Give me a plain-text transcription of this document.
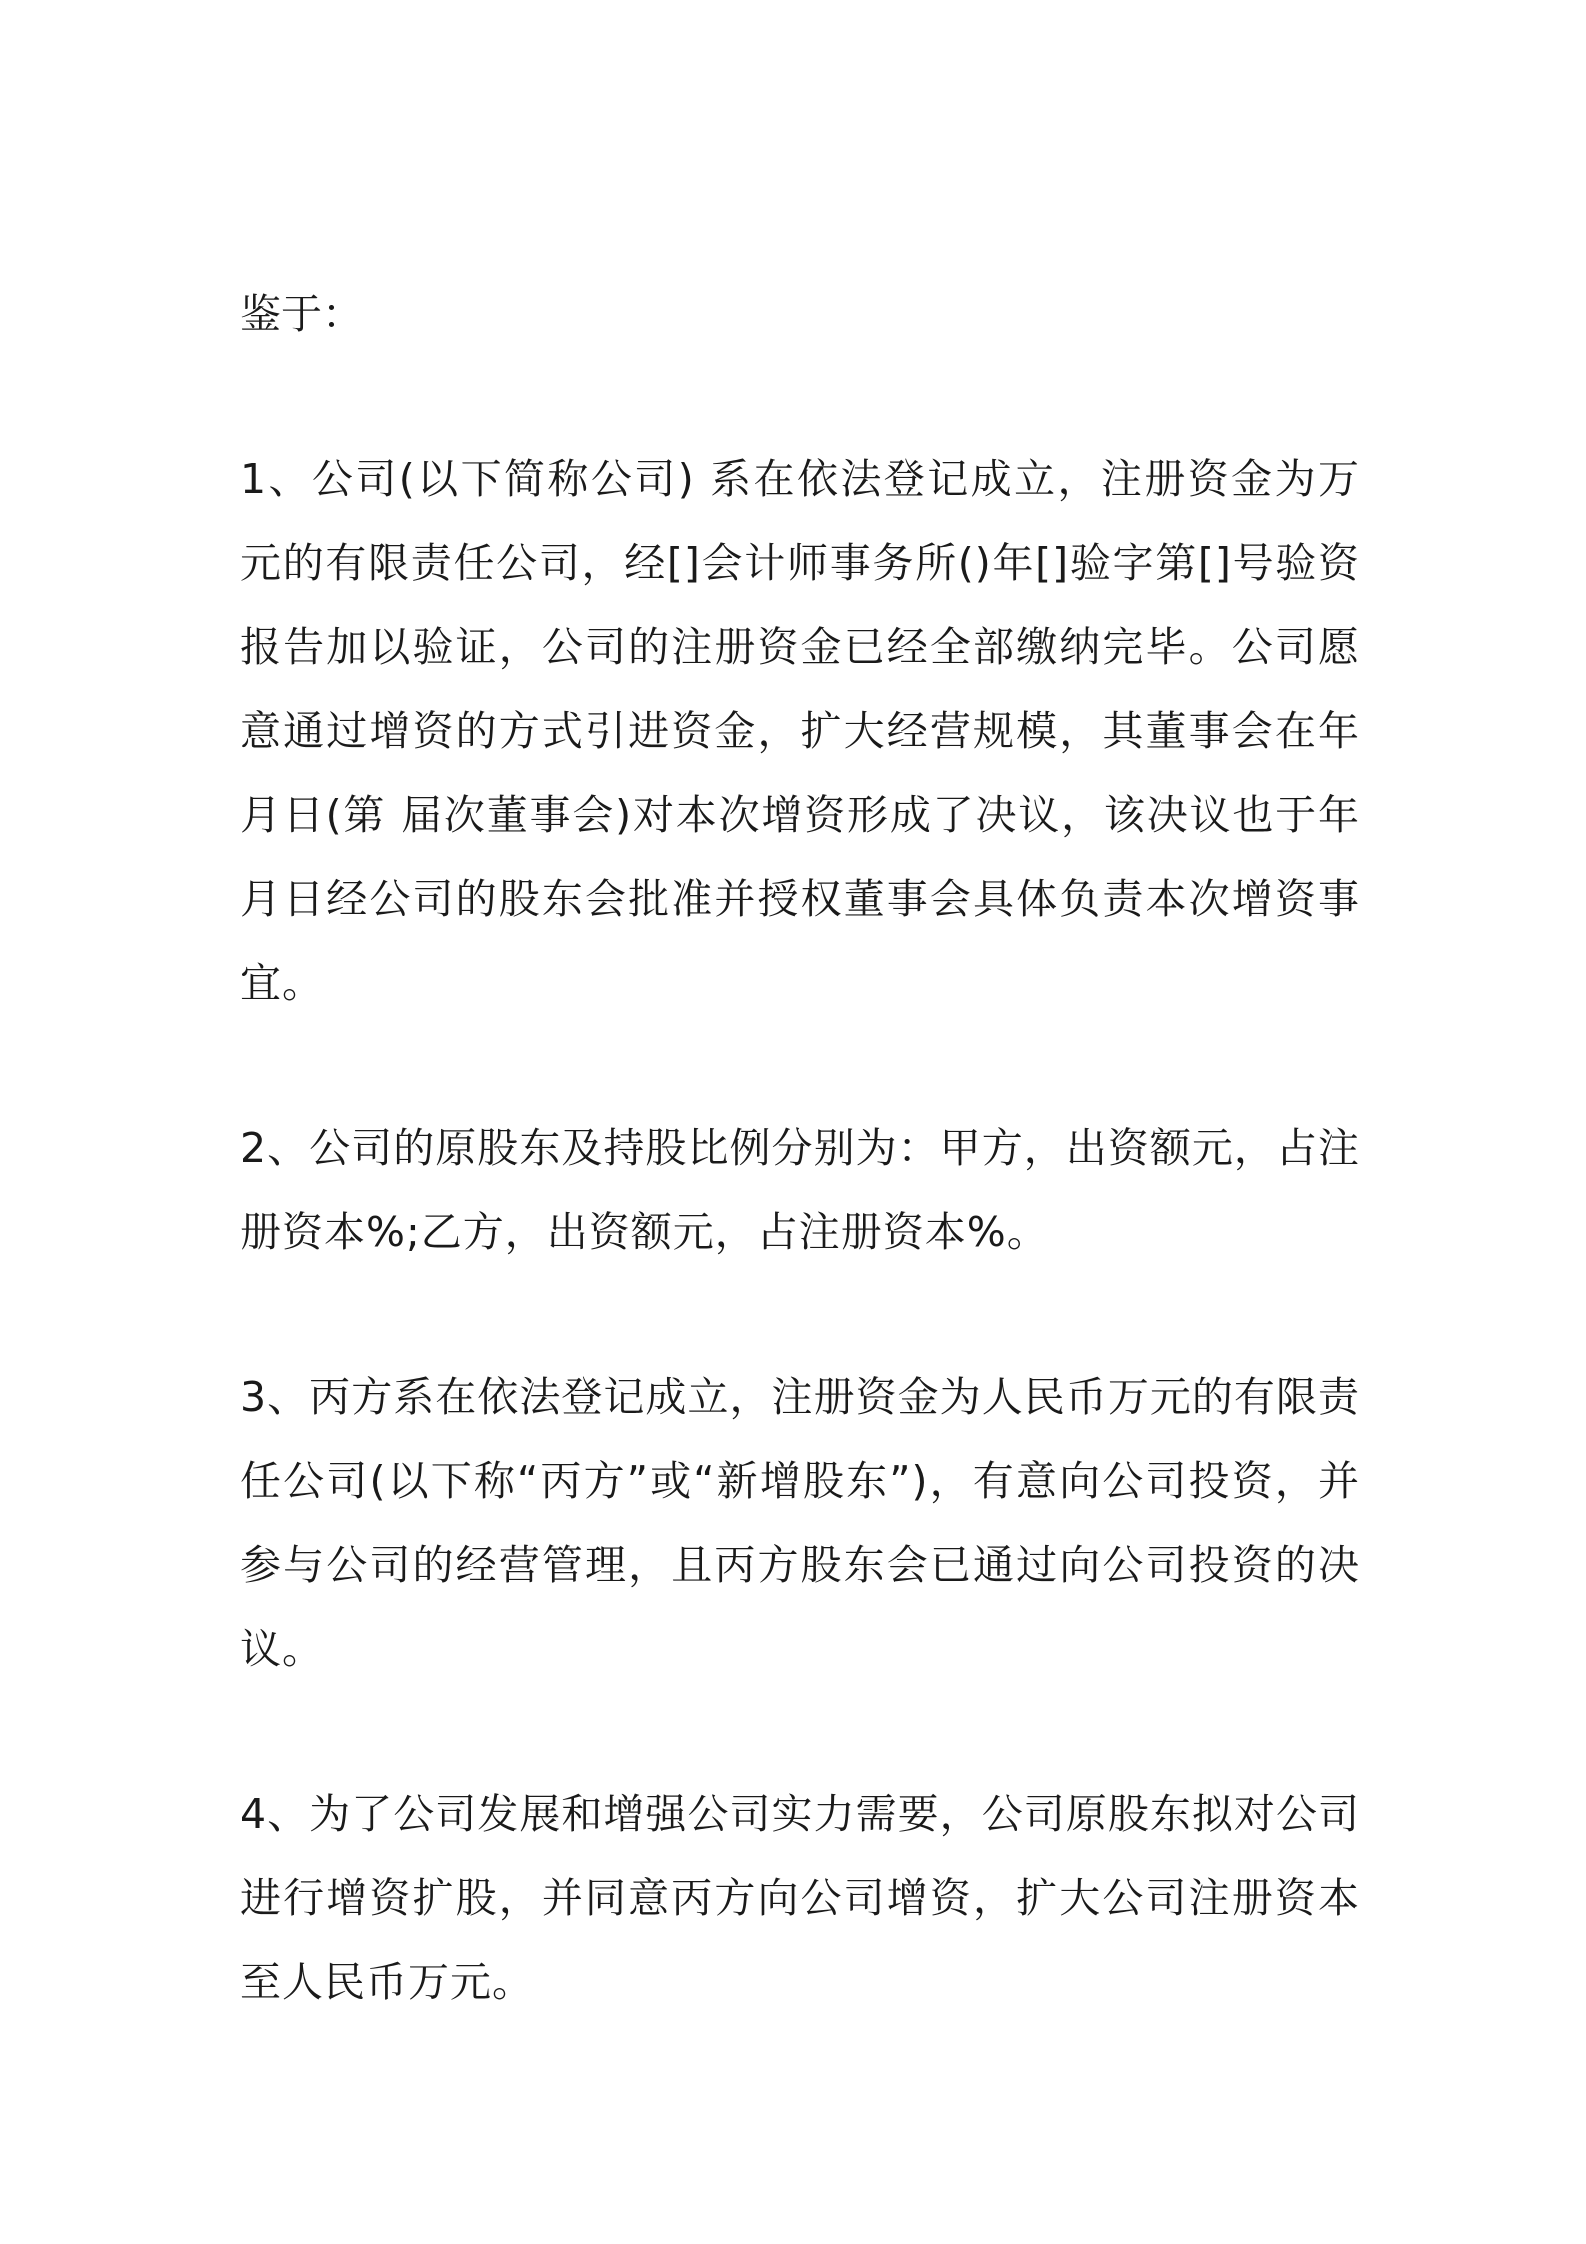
鉴于：

1、公司(以下简称公司) 系在依法登记成立，注册资金为万元的有限责任公司，经[]会计师事务所()年[]验字第[]号验资报告加以验证，公司的注册资金已经全部缴纳完毕。公司愿意通过增资的方式引进资金，扩大经营规模，其董事会在年月日(第 届次董事会)对本次增资形成了决议，该决议也于年月日经公司的股东会批准并授权董事会具体负责本次增资事宜。

2、公司的原股东及持股比例分别为：甲方，出资额元，占注册资本%;乙方，出资额元，占注册资本%。

3、丙方系在依法登记成立，注册资金为人民币万元的有限责任公司(以下称“丙方”或“新增股东”)，有意向公司投资，并参与公司的经营管理，且丙方股东会已通过向公司投资的决议。

4、为了公司发展和增强公司实力需要，公司原股东拟对公司进行增资扩股，并同意丙方向公司增资，扩大公司注册资本至人民币万元。
